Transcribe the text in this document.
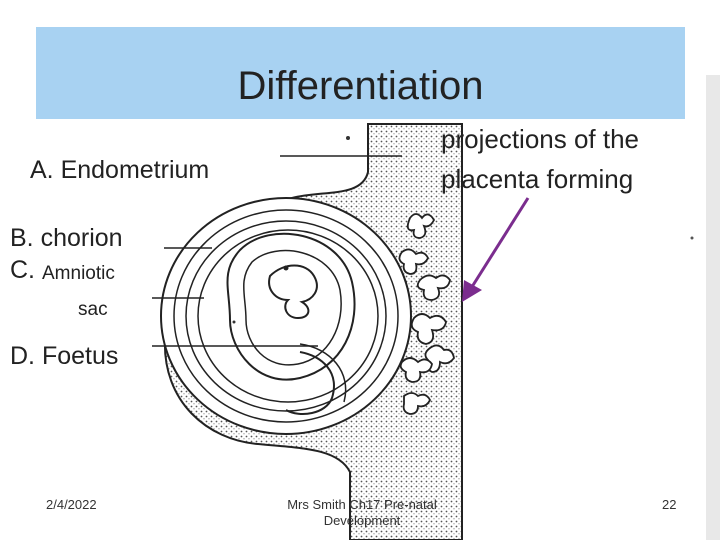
Differentiation
A. Endometrium
B. chorion
C. Amniotic
sac
D. Foetus
projections of the
placenta forming
2/4/2022	Mrs Smith Ch17 Pre-natal
Development
22
